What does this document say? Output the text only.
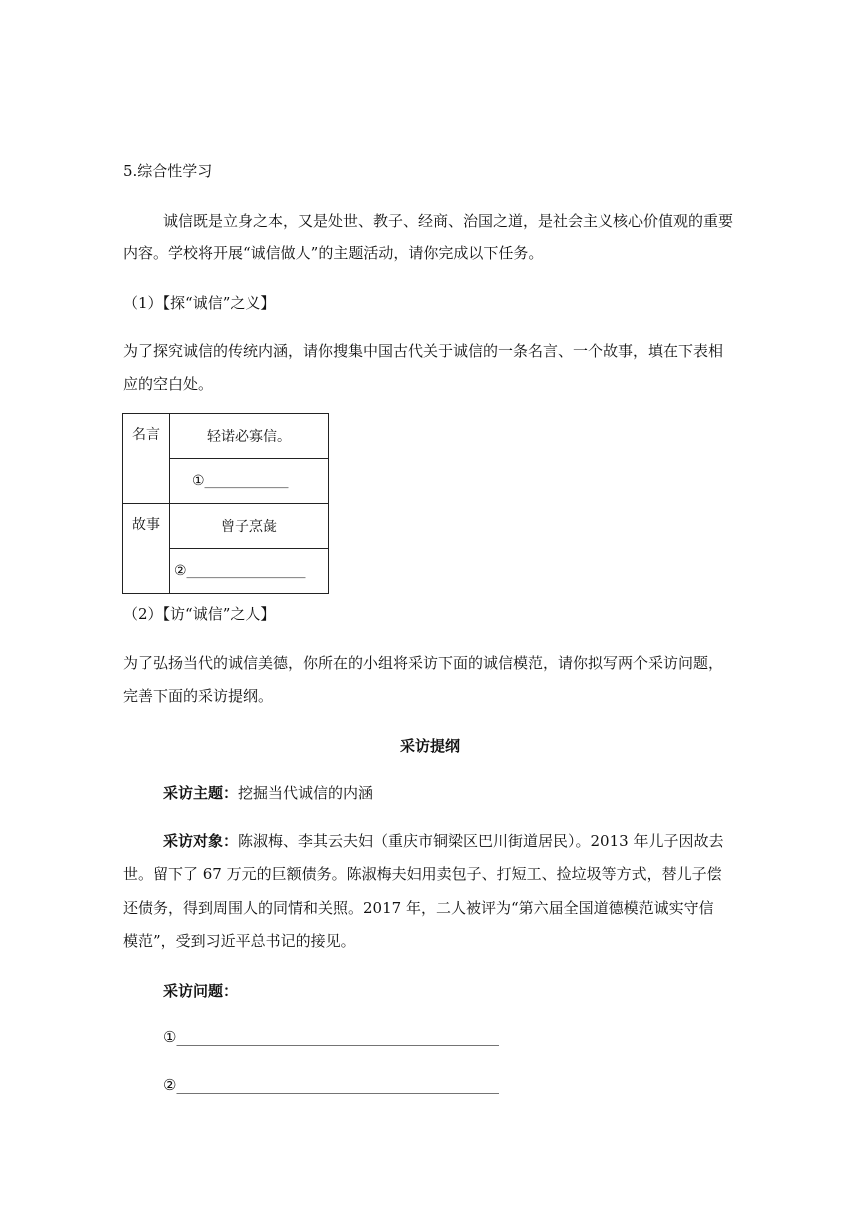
5.综合性学习
诚信既是立身之本，又是处世、教子、经商、治国之道，是社会主义核心价值观的重要
内容。学校将开展“诚信做人”的主题活动，请你完成以下任务。
（1）【探“诚信”之义】
为了探究诚信的传统内涵，请你搜集中国古代关于诚信的一条名言、一个故事，填在下表相
应的空白处。
名言	轻诺必寡信。
	①____________
故事	曾子烹彘
	②_________________
（2）【访“诚信”之人】
为了弘扬当代的诚信美德，你所在的小组将采访下面的诚信模范，请你拟写两个采访问题，
完善下面的采访提纲。
采访提纲
采访主题：挖掘当代诚信的内涵
采访对象：陈淑梅、李其云夫妇（重庆市铜梁区巴川街道居民）。2013 年儿子因故去
世。留下了 67 万元的巨额债务。陈淑梅夫妇用卖包子、打短工、捡垃圾等方式，替儿子偿
还债务，得到周围人的同情和关照。2017 年，二人被评为“第六届全国道德模范诚实守信
模范”，受到习近平总书记的接见。
采访问题：
①___________________________________________
②___________________________________________
